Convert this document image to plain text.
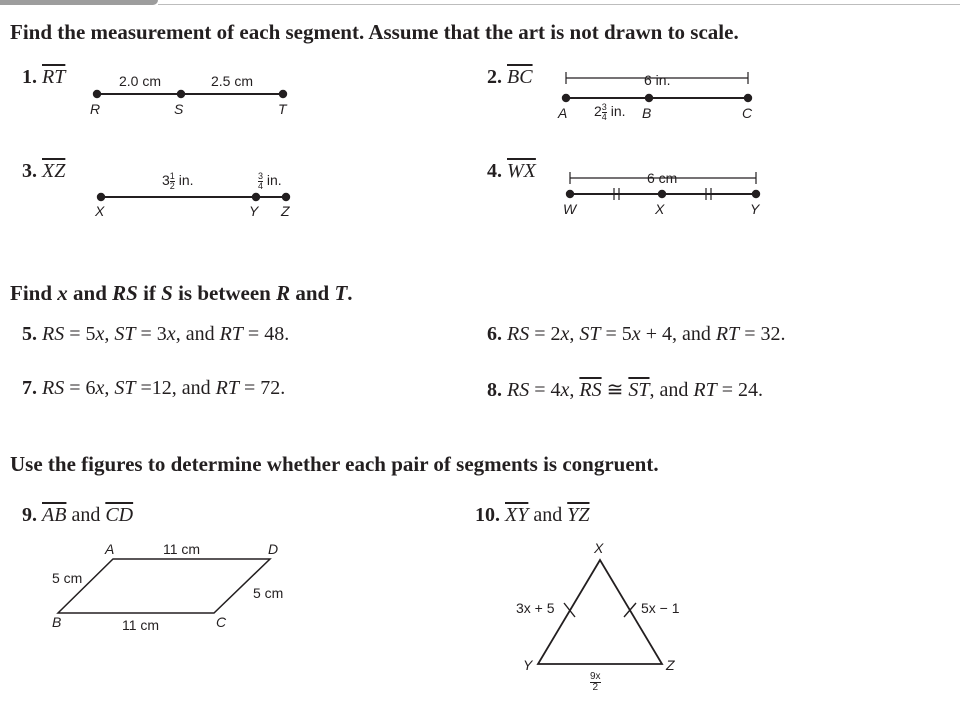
Find the measurement of each segment. Assume that the art is not drawn to scale.
1. $\overline{RT}$	2.0 cm	2.5 cm
R	S	T
2. $\overline{BC}$	6 in.
$2 \frac{3}{4}$ in.
A	B	C
3. $\overline{XZ}$	$3 \frac{1}{2}$ in.	$\frac{3}{4}$ in.
X	Y Z
4. $\overline{WX}$	6 cm
W	X	Y
Find x and RS if S is between R and T.
5. RS = 5x, ST = 3x, and RT = 48.	6. RS = 2x, ST = 5x + 4, and RT = 32.
7. RS = 6x, ST =12, and RT = 72.	8. RS = 4x, $\overline{RS}$ ≅ $\overline{ST}$, and RT = 24.
Use the figures to determine whether each pair of segments is congruent.
9. $\overline{AB}$ and $\overline{CD}$
A	11 cm	D
5 cm
5 cm
B	11 cm	C
10. $\overline{XY}$ and $\overline{YZ}$
X
3x + 5	5x − 1
Y	Z
$\frac{9x}{2}$
